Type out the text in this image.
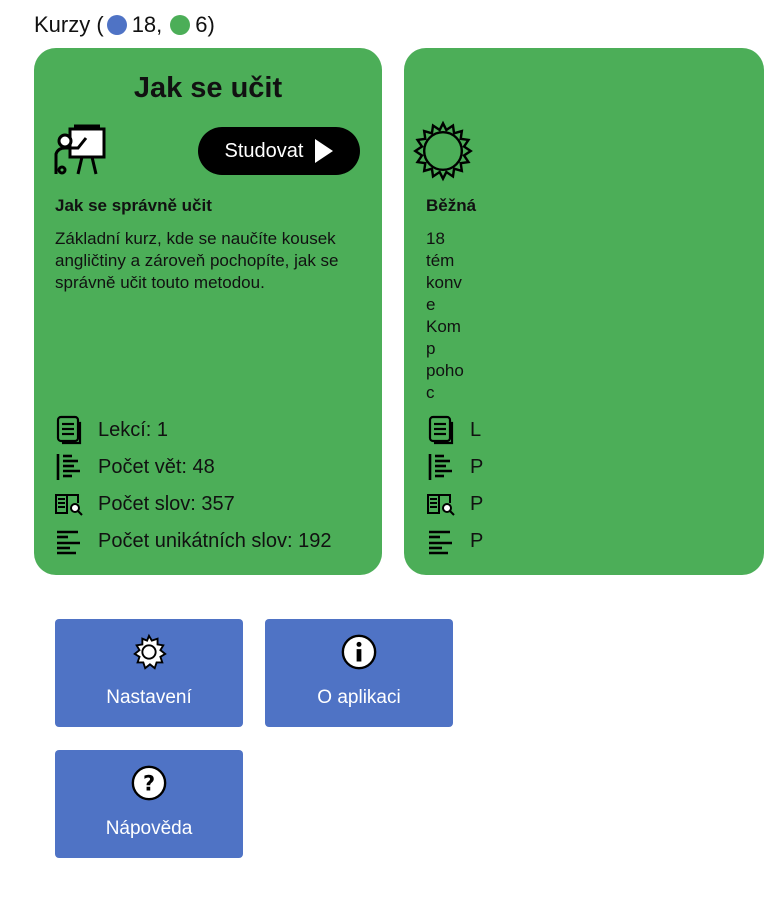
Kurzy ( 18, 6)
Jak se učit
Studovat
Jak se správně učit
Základní kurz, kde se naučíte kousek angličtiny a zároveň pochopíte, jak se správně učit touto metodou.
Lekcí: 1
Počet vět: 48
Počet slov: 357
Počet unikátních slov: 192
Běžná
18 tém konve Komp pohoc
L
P
P
P
Nastavení	O aplikaci
?
Nápověda
